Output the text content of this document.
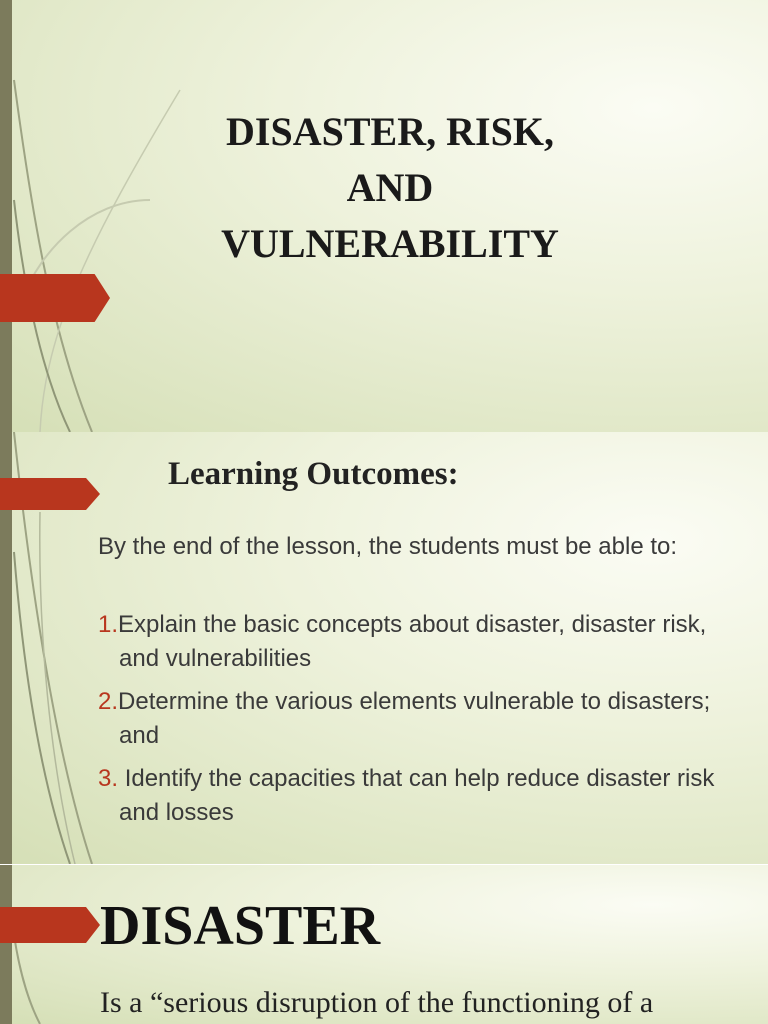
DISASTER, RISK,
AND
VULNERABILITY
Learning Outcomes:

By the end of the lesson, the students must be able to:

1.Explain the basic concepts about disaster, disaster risk, and vulnerabilities

2.Determine the various elements vulnerable to disasters; and

3. Identify the capacities that can help reduce disaster risk and losses

DISASTER

Is a “serious disruption of the functioning of a
